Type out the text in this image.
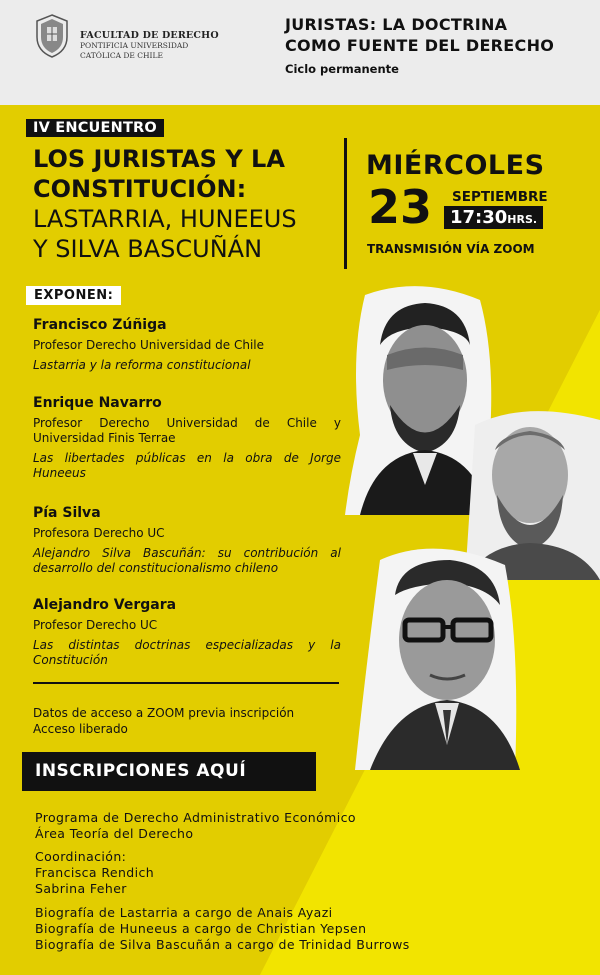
FACULTAD DE DERECHO
PONTIFICIA UNIVERSIDAD
CATÓLICA DE CHILE
JURISTAS: LA DOCTRINA
COMO FUENTE DEL DERECHO
Ciclo permanente
IV ENCUENTRO
LOS JURISTAS Y LA
CONSTITUCIÓN:
LASTARRIA, HUNEEUS
Y SILVA BASCUÑÁN
MIÉRCOLES
23 SEPTIEMBRE
17:30HRS.
TRANSMISIÓN VÍA ZOOM
EXPONEN:
Francisco Zúñiga
Profesor Derecho Universidad de Chile
Lastarria y la reforma constitucional
Enrique Navarro
Profesor Derecho Universidad de Chile y Universidad Finis Terrae
Las libertades públicas en la obra de Jorge Huneeus
Pía Silva
Profesora Derecho UC
Alejandro Silva Bascuñán: su contribución al desarrollo del constitucionalismo chileno
Alejandro Vergara
Profesor Derecho UC
Las distintas doctrinas especializadas y la Constitución
Datos de acceso a ZOOM previa inscripción
Acceso liberado
INSCRIPCIONES AQUÍ
Programa de Derecho Administrativo Económico
Área Teoría del Derecho
Coordinación:
Francisca Rendich
Sabrina Feher
Biografía de Lastarria a cargo de Anais Ayazi
Biografía de Huneeus a cargo de Christian Yepsen
Biografía de Silva Bascuñán a cargo de Trinidad Burrows
